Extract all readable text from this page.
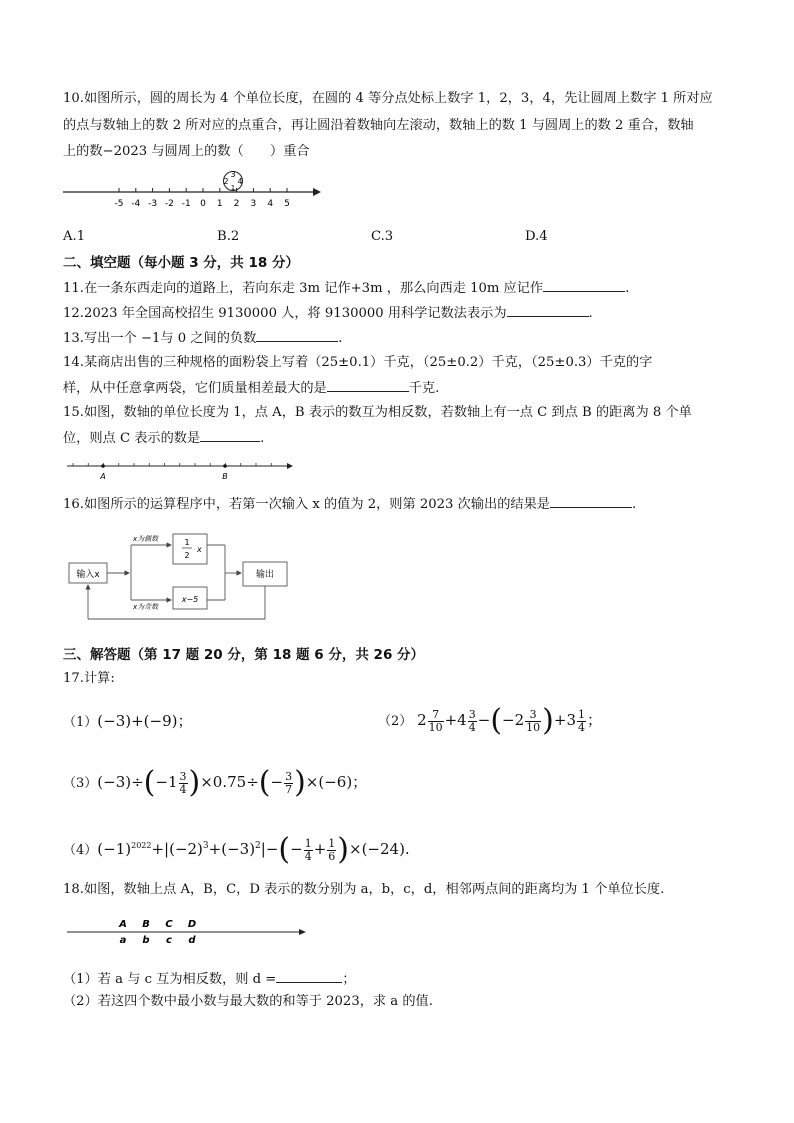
10.如图所示，圆的周长为 4 个单位长度，在圆的 4 等分点处标上数字 1，2，3，4，先让圆周上数字 1 所对应
的点与数轴上的数 2 所对应的点重合，再让圆沿着数轴向左滚动，数轴上的数 1 与圆周上的数 2 重合，数轴
上的数−2023 与圆周上的数（　　）重合
-5 -4 -3 -2 -1 0 1 2 3 4 5
3
2 4
1
A.1	B.2	C.3	D.4
二、填空题（每小题 3 分，共 18 分）
11.在一条东西走向的道路上，若向东走 3m 记作+3m ，那么向西走 10m 应记作	.
12.2023 年全国高校招生 9130000 人，将 9130000 用科学记数法表示为	.
13.写出一个 −1与 0 之间的负数	.
14.某商店出售的三种规格的面粉袋上写着（25±0.1）千克，（25±0.2）千克，（25±0.3）千克的字
样，从中任意拿两袋，它们质量相差最大的是	千克.
15.如图，数轴的单位长度为 1，点 A，B 表示的数互为相反数，若数轴上有一点 C 到点 B 的距离为 8 个单
位，则点 C 表示的数是	.
A	B
16.如图所示的运算程序中，若第一次输入 x 的值为 2，则第 2023 次输出的结果是	.
输入x
x为偶数
x为奇数
1
2
x
x−5
输出
三、解答题（第 17 题 20 分，第 18 题 6 分，共 26 分）
17.计算:
（1）(−3)+(−9)；	（2） $2 \frac{7}{10} +4 \frac{3}{4} -(-2 \frac{3}{10} )+3 \frac{1}{4}$ ；
$(3)(-3)\div(-1 \frac{3}{4} )\times 0.75\div(- \frac{3}{7} )\times(-6)$；
$(4)(-1)^{2022}+|(-2)^3+(-3)^2|-(- \frac{1}{4} + \frac{1}{6} )\times(-24)$.
18.如图，数轴上点 A，B，C，D 表示的数分别为 a，b，c，d，相邻两点间的距离均为 1 个单位长度.
A
a
B
b
C
c
D
d
（1）若 a 与 c 互为相反数，则 d =	；
（2）若这四个数中最小数与最大数的和等于 2023，求 a 的值.
